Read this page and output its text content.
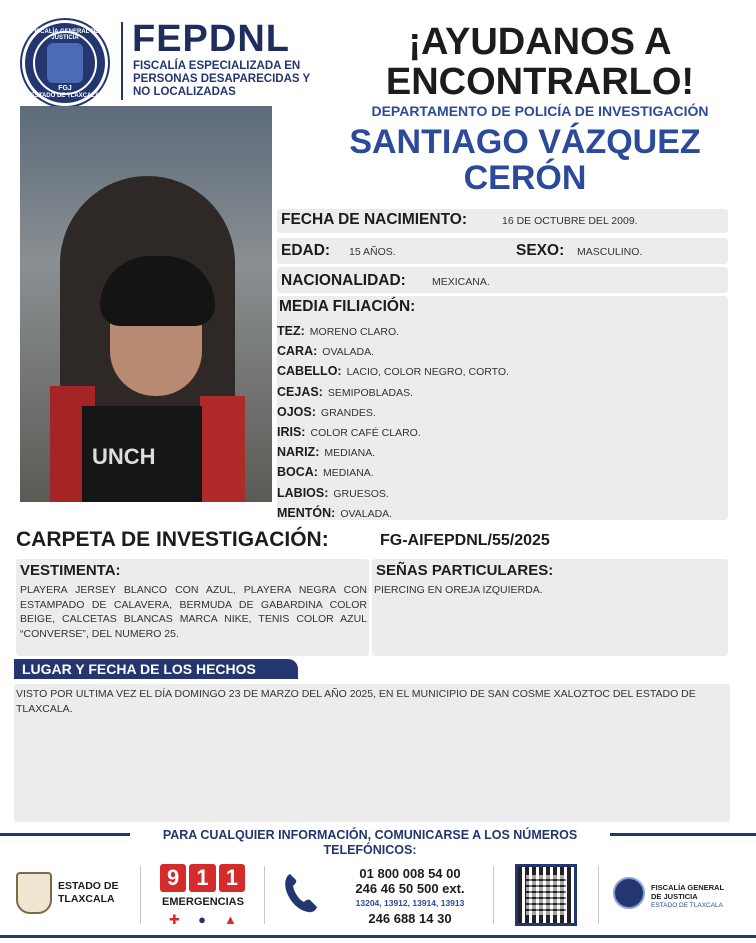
FISCALÍA GENERAL DE JUSTICIA
FGJ
ESTADO DE TLAXCALA
FEPDNL
FISCALÍA ESPECIALIZADA EN PERSONAS DESAPARECIDAS Y NO LOCALIZADAS
¡AYUDANOS A
ENCONTRARLO!
DEPARTAMENTO DE POLICÍA DE INVESTIGACIÓN
SANTIAGO VÁZQUEZ
CERÓN
UNCH
FECHA DE NACIMIENTO:	16 DE OCTUBRE DEL 2009.
EDAD: 15 AÑOS.	SEXO: MASCULINO.
NACIONALIDAD: MEXICANA.
MEDIA FILIACIÓN:
TEZ: MORENO CLARO.
CARA: OVALADA.
CABELLO: LACIO, COLOR NEGRO, CORTO.
CEJAS: SEMIPOBLADAS.
OJOS: GRANDES.
IRIS: COLOR CAFÉ CLARO.
NARIZ: MEDIANA.
BOCA: MEDIANA.
LABIOS: GRUESOS.
MENTÓN: OVALADA.
CARPETA DE INVESTIGACIÓN:	FG-AIFEPDNL/55/2025
VESTIMENTA:
PLAYERA JERSEY BLANCO CON AZUL, PLAYERA NEGRA CON ESTAMPADO DE CALAVERA, BERMUDA DE GABARDINA COLOR BEIGE, CALCETAS BLANCAS MARCA NIKE, TENIS COLOR AZUL “CONVERSE”, DEL NUMERO 25.
SEÑAS PARTICULARES:
PIERCING EN OREJA IZQUIERDA.
LUGAR Y FECHA DE LOS HECHOS
VISTO POR ULTIMA VEZ EL DÍA DOMINGO 23 DE MARZO DEL AÑO 2025, EN EL MUNICIPIO DE SAN COSME XALOZTOC DEL ESTADO DE TLAXCALA.
PARA CUALQUIER INFORMACIÓN, COMUNICARSE A LOS NÚMEROS
TELEFÓNICOS:
ESTADO DE
TLAXCALA
9 1 1
EMERGENCIAS
✚ ● ▲
01 800 008 54 00
246 46 50 500 ext.
13204, 13912, 13914, 13913
246 688 14 30
FISCALÍA GENERAL
DE JUSTICIA
ESTADO DE TLAXCALA
